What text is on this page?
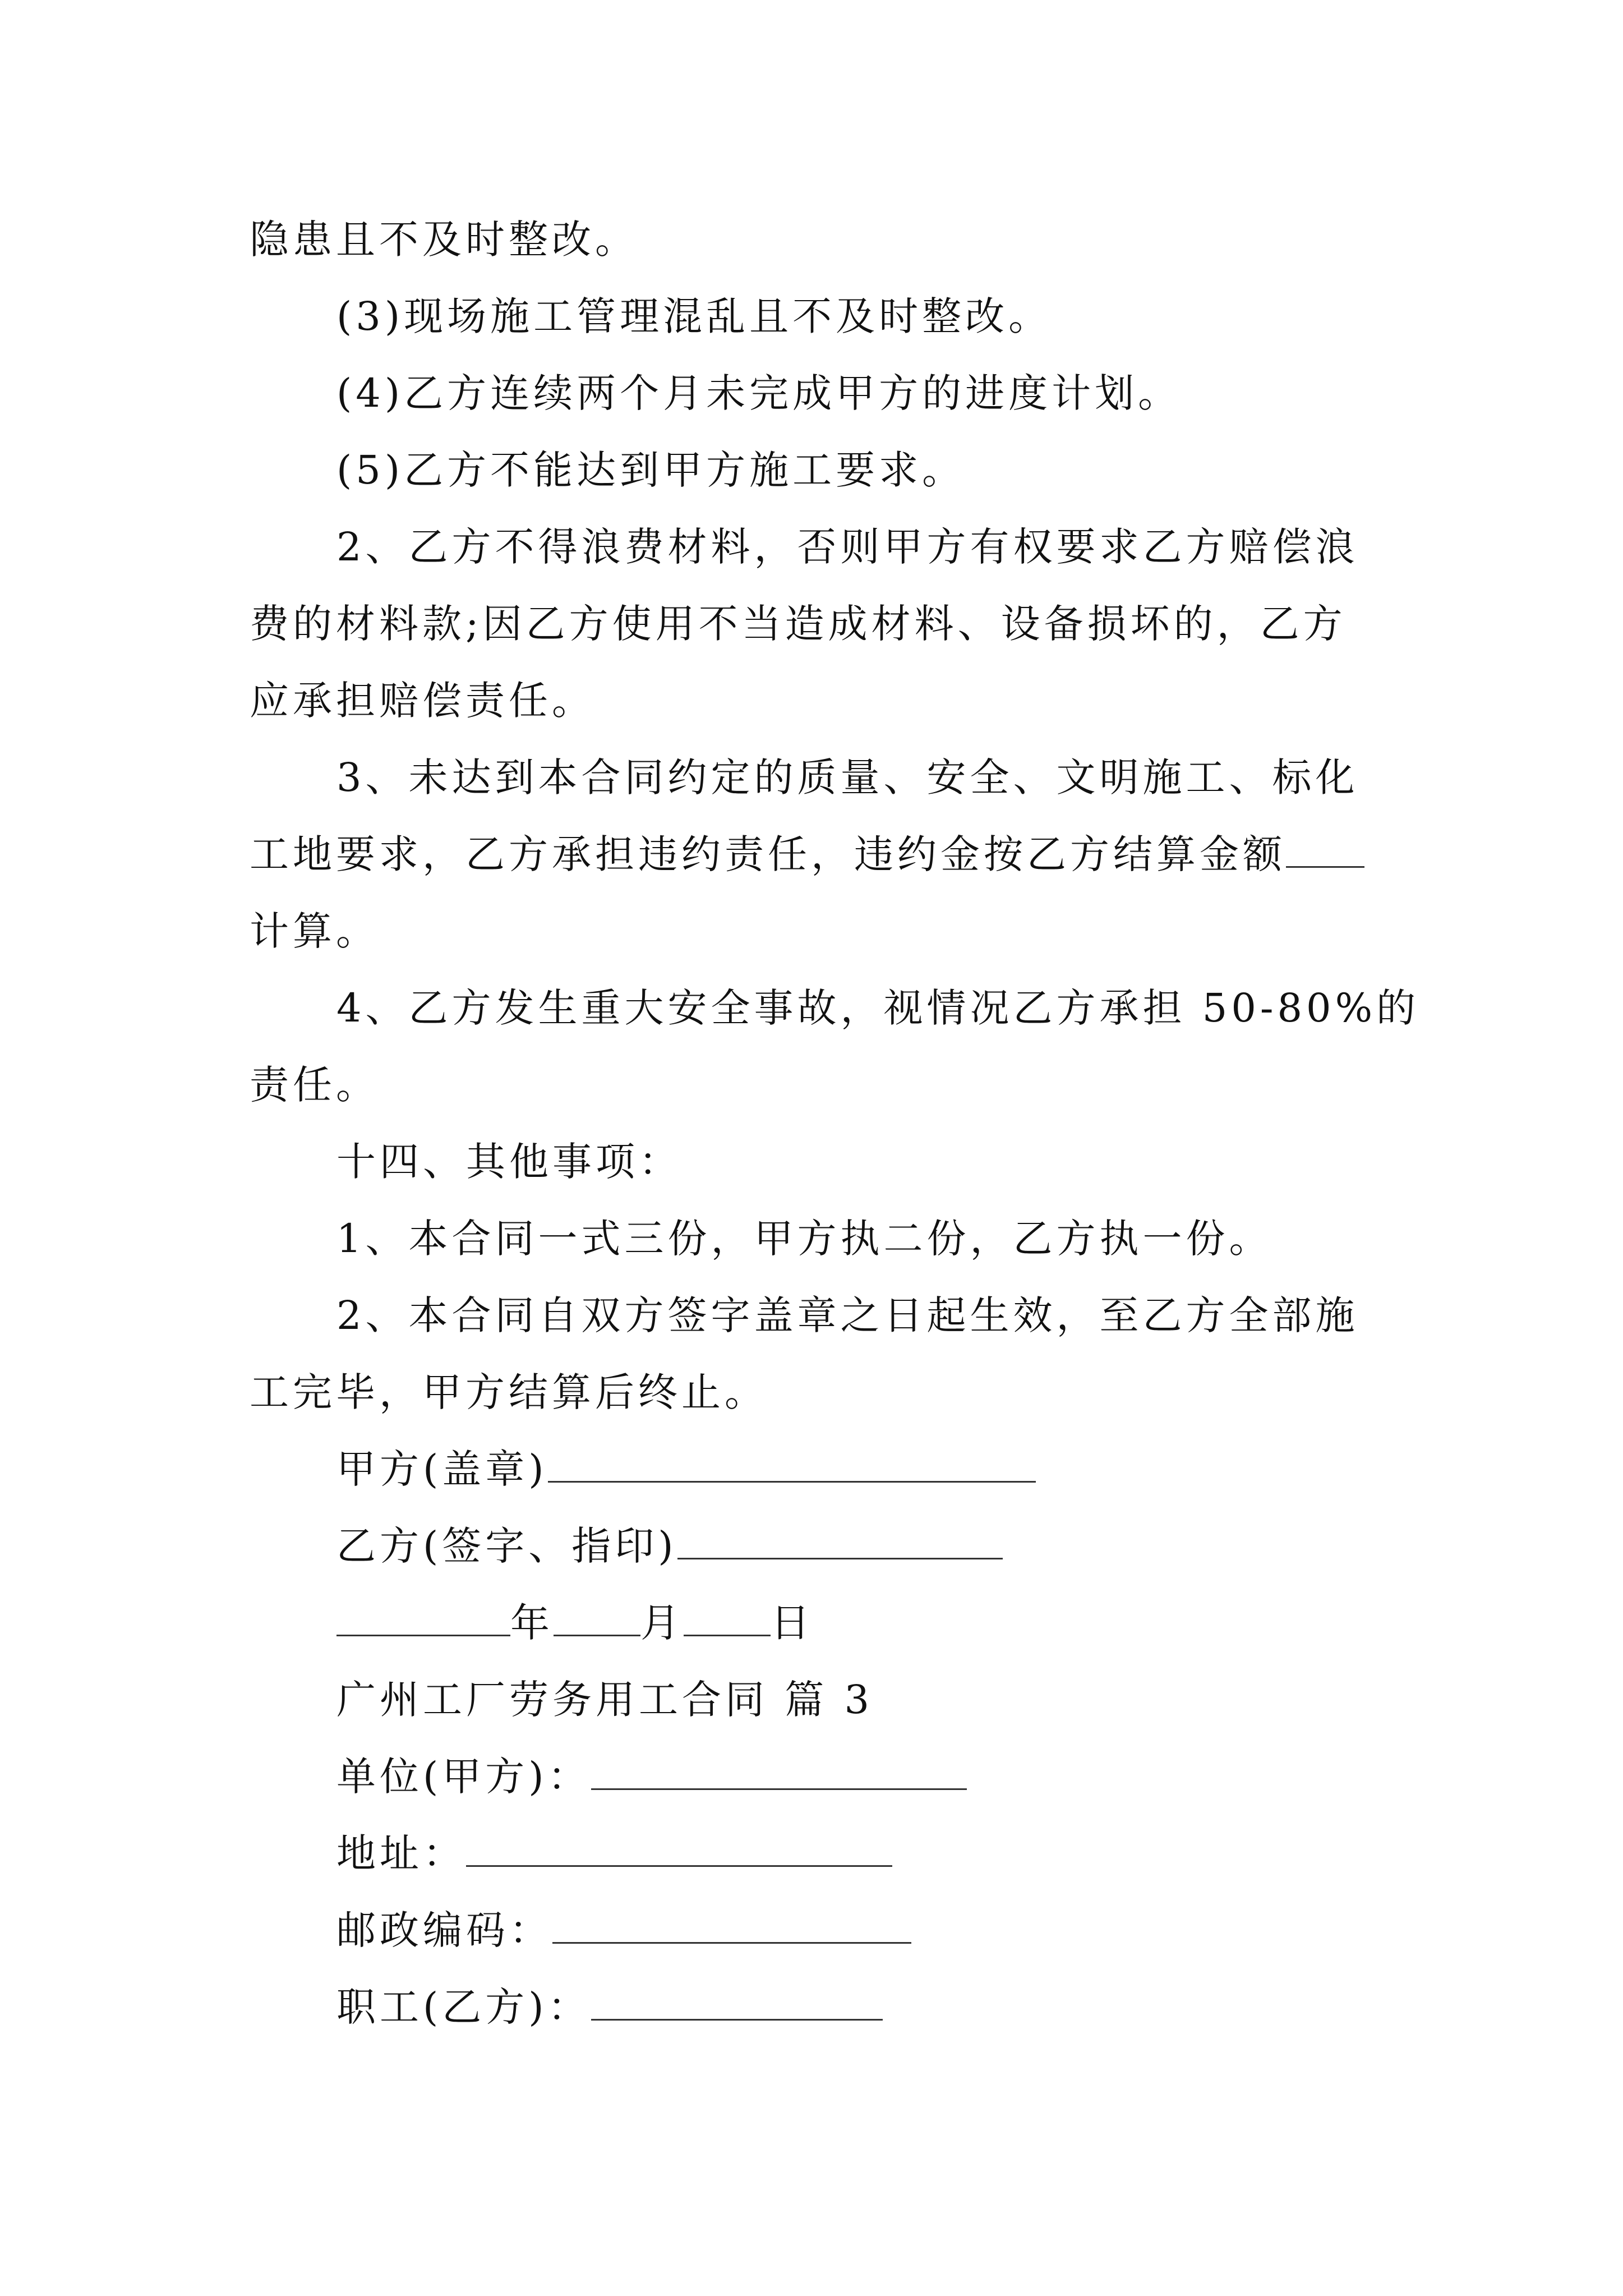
隐患且不及时整改。
(3)现场施工管理混乱且不及时整改。
(4)乙方连续两个月未完成甲方的进度计划。
(5)乙方不能达到甲方施工要求。
2、乙方不得浪费材料，否则甲方有权要求乙方赔偿浪
费的材料款;因乙方使用不当造成材料、设备损坏的，乙方
应承担赔偿责任。
3、未达到本合同约定的质量、安全、文明施工、标化
工地要求，乙方承担违约责任，违约金按乙方结算金额
计算。
4、乙方发生重大安全事故，视情况乙方承担 50-80%的
责任。
十四、其他事项：
1、本合同一式三份，甲方执二份，乙方执一份。
2、本合同自双方签字盖章之日起生效，至乙方全部施
工完毕，甲方结算后终止。
甲方(盖章)
乙方(签字、指印)
年 月 日
广州工厂劳务用工合同 篇 3
单位(甲方)：
地址：
邮政编码：
职工(乙方)：
